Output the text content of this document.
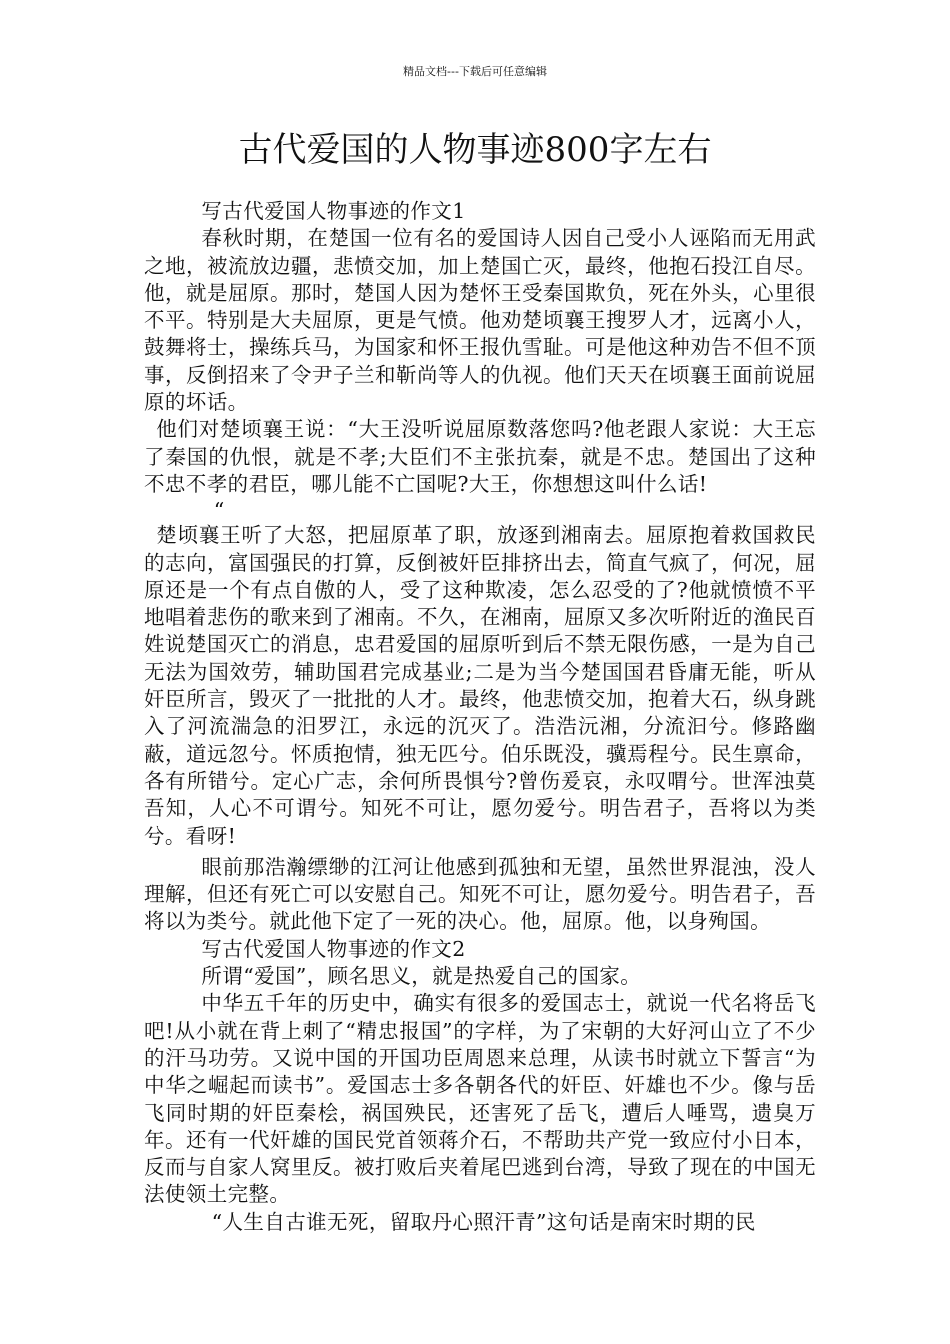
精品文档---下载后可任意编辑
古代爱国的人物事迹800字左右

写古代爱国人物事迹的作文1

春秋时期，在楚国一位有名的爱国诗人因自己受小人诬陷而无用武之地，被流放边疆，悲愤交加，加上楚国亡灭，最终，他抱石投江自尽。他，就是屈原。那时，楚国人因为楚怀王受秦国欺负，死在外头，心里很不平。特别是大夫屈原，更是气愤。他劝楚顷襄王搜罗人才，远离小人，鼓舞将士，操练兵马，为国家和怀王报仇雪耻。可是他这种劝告不但不顶事，反倒招来了令尹子兰和靳尚等人的仇视。他们天天在顷襄王面前说屈原的坏话。

他们对楚顷襄王说：“大王没听说屈原数落您吗?他老跟人家说：大王忘了秦国的仇恨，就是不孝;大臣们不主张抗秦，就是不忠。楚国出了这种不忠不孝的君臣，哪儿能不亡国呢?大王，你想想这叫什么话!

“

楚顷襄王听了大怒，把屈原革了职，放逐到湘南去。屈原抱着救国救民的志向，富国强民的打算，反倒被奸臣排挤出去，简直气疯了，何况，屈原还是一个有点自傲的人，受了这种欺凌，怎么忍受的了?他就愤愤不平地唱着悲伤的歌来到了湘南。不久，在湘南，屈原又多次听附近的渔民百姓说楚国灭亡的消息，忠君爱国的屈原听到后不禁无限伤感，一是为自己无法为国效劳，辅助国君完成基业;二是为当今楚国国君昏庸无能，听从奸臣所言，毁灭了一批批的人才。最终，他悲愤交加，抱着大石，纵身跳入了河流湍急的汨罗江，永远的沉灭了。浩浩沅湘，分流汩兮。修路幽蔽，道远忽兮。怀质抱情，独无匹兮。伯乐既没，骥焉程兮。民生禀命，各有所错兮。定心广志，余何所畏惧兮?曾伤爰哀，永叹喟兮。世浑浊莫吾知，人心不可谓兮。知死不可让，愿勿爱兮。明告君子，吾将以为类兮。看呀!

眼前那浩瀚缥缈的江河让他感到孤独和无望，虽然世界混浊，没人理解，但还有死亡可以安慰自己。知死不可让，愿勿爱兮。明告君子，吾将以为类兮。就此他下定了一死的决心。他，屈原。他，以身殉国。

写古代爱国人物事迹的作文2

所谓“爱国”，顾名思义，就是热爱自己的国家。

中华五千年的历史中，确实有很多的爱国志士，就说一代名将岳飞吧!从小就在背上刺了“精忠报国”的字样，为了宋朝的大好河山立了不少的汗马功劳。又说中国的开国功臣周恩来总理，从读书时就立下誓言“为中华之崛起而读书”。爱国志士多各朝各代的奸臣、奸雄也不少。像与岳飞同时期的奸臣秦桧，祸国殃民，还害死了岳飞，遭后人唾骂，遗臭万年。还有一代奸雄的国民党首领蒋介石，不帮助共产党一致应付小日本，反而与自家人窝里反。被打败后夹着尾巴逃到台湾，导致了现在的中国无法使领土完整。

“人生自古谁无死，留取丹心照汗青”这句话是南宋时期的民
